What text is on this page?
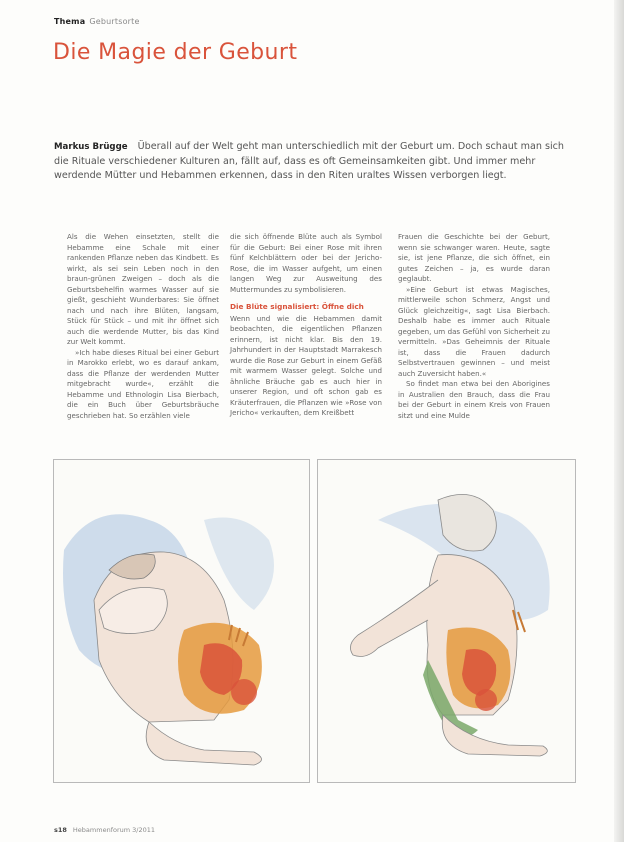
Thema Geburtsorte
Die Magie der Geburt
Markus Brügge Überall auf der Welt geht man unterschiedlich mit der Geburt um. Doch schaut man sich die Rituale verschiedener Kulturen an, fällt auf, dass es oft Gemeinsamkeiten gibt. Und immer mehr werdende Mütter und Hebammen erkennen, dass in den Riten uraltes Wissen verborgen liegt.

Als die Wehen einsetzten, stellt die Hebamme eine Schale mit einer rankenden Pflanze neben das Kindbett. Es wirkt, als sei sein Leben noch in den braun-grünen Zweigen – doch als die Geburtsbehelfin warmes Wasser auf sie gießt, geschieht Wunderbares: Sie öffnet nach und nach ihre Blüten, langsam, Stück für Stück – und mit ihr öffnet sich auch die werdende Mutter, bis das Kind zur Welt kommt.

»Ich habe dieses Ritual bei einer Geburt in Marokko erlebt, wo es darauf ankam, dass die Pflanze der werdenden Mutter mitgebracht wurde«, erzählt die Hebamme und Ethnologin Lisa Bierbach, die ein Buch über Geburtsbräuche geschrieben hat. So erzählen viele

die sich öffnende Blüte auch als Symbol für die Geburt: Bei einer Rose mit ihren fünf Kelchblättern oder bei der Jericho-Rose, die im Wasser aufgeht, um einen langen Weg zur Ausweitung des Muttermundes zu symbolisieren.

Die Blüte signalisiert: Öffne dich

Wenn und wie die Hebammen damit beobachten, die eigentlichen Pflanzen erinnern, ist nicht klar. Bis den 19. Jahrhundert in der Hauptstadt Marrakesch wurde die Rose zur Geburt in einem Gefäß mit warmem Wasser gelegt. Solche und ähnliche Bräuche gab es auch hier in unserer Region, und oft schon gab es Kräuterfrauen, die Pflanzen wie »Rose von Jericho« verkauften, dem Kreißbett

Frauen die Geschichte bei der Geburt, wenn sie schwanger waren. Heute, sagte sie, ist jene Pflanze, die sich öffnet, ein gutes Zeichen – ja, es wurde daran geglaubt.

»Eine Geburt ist etwas Magisches, mittlerweile schon Schmerz, Angst und Glück gleichzeitig«, sagt Lisa Bierbach. Deshalb habe es immer auch Rituale gegeben, um das Gefühl von Sicherheit zu vermitteln. »Das Geheimnis der Rituale ist, dass die Frauen dadurch Selbstvertrauen gewinnen – und meist auch Zuversicht haben.«

So findet man etwa bei den Aborigines in Australien den Brauch, dass die Frau bei der Geburt in einem Kreis von Frauen sitzt und eine Mulde

s18 Hebammenforum 3/2011
